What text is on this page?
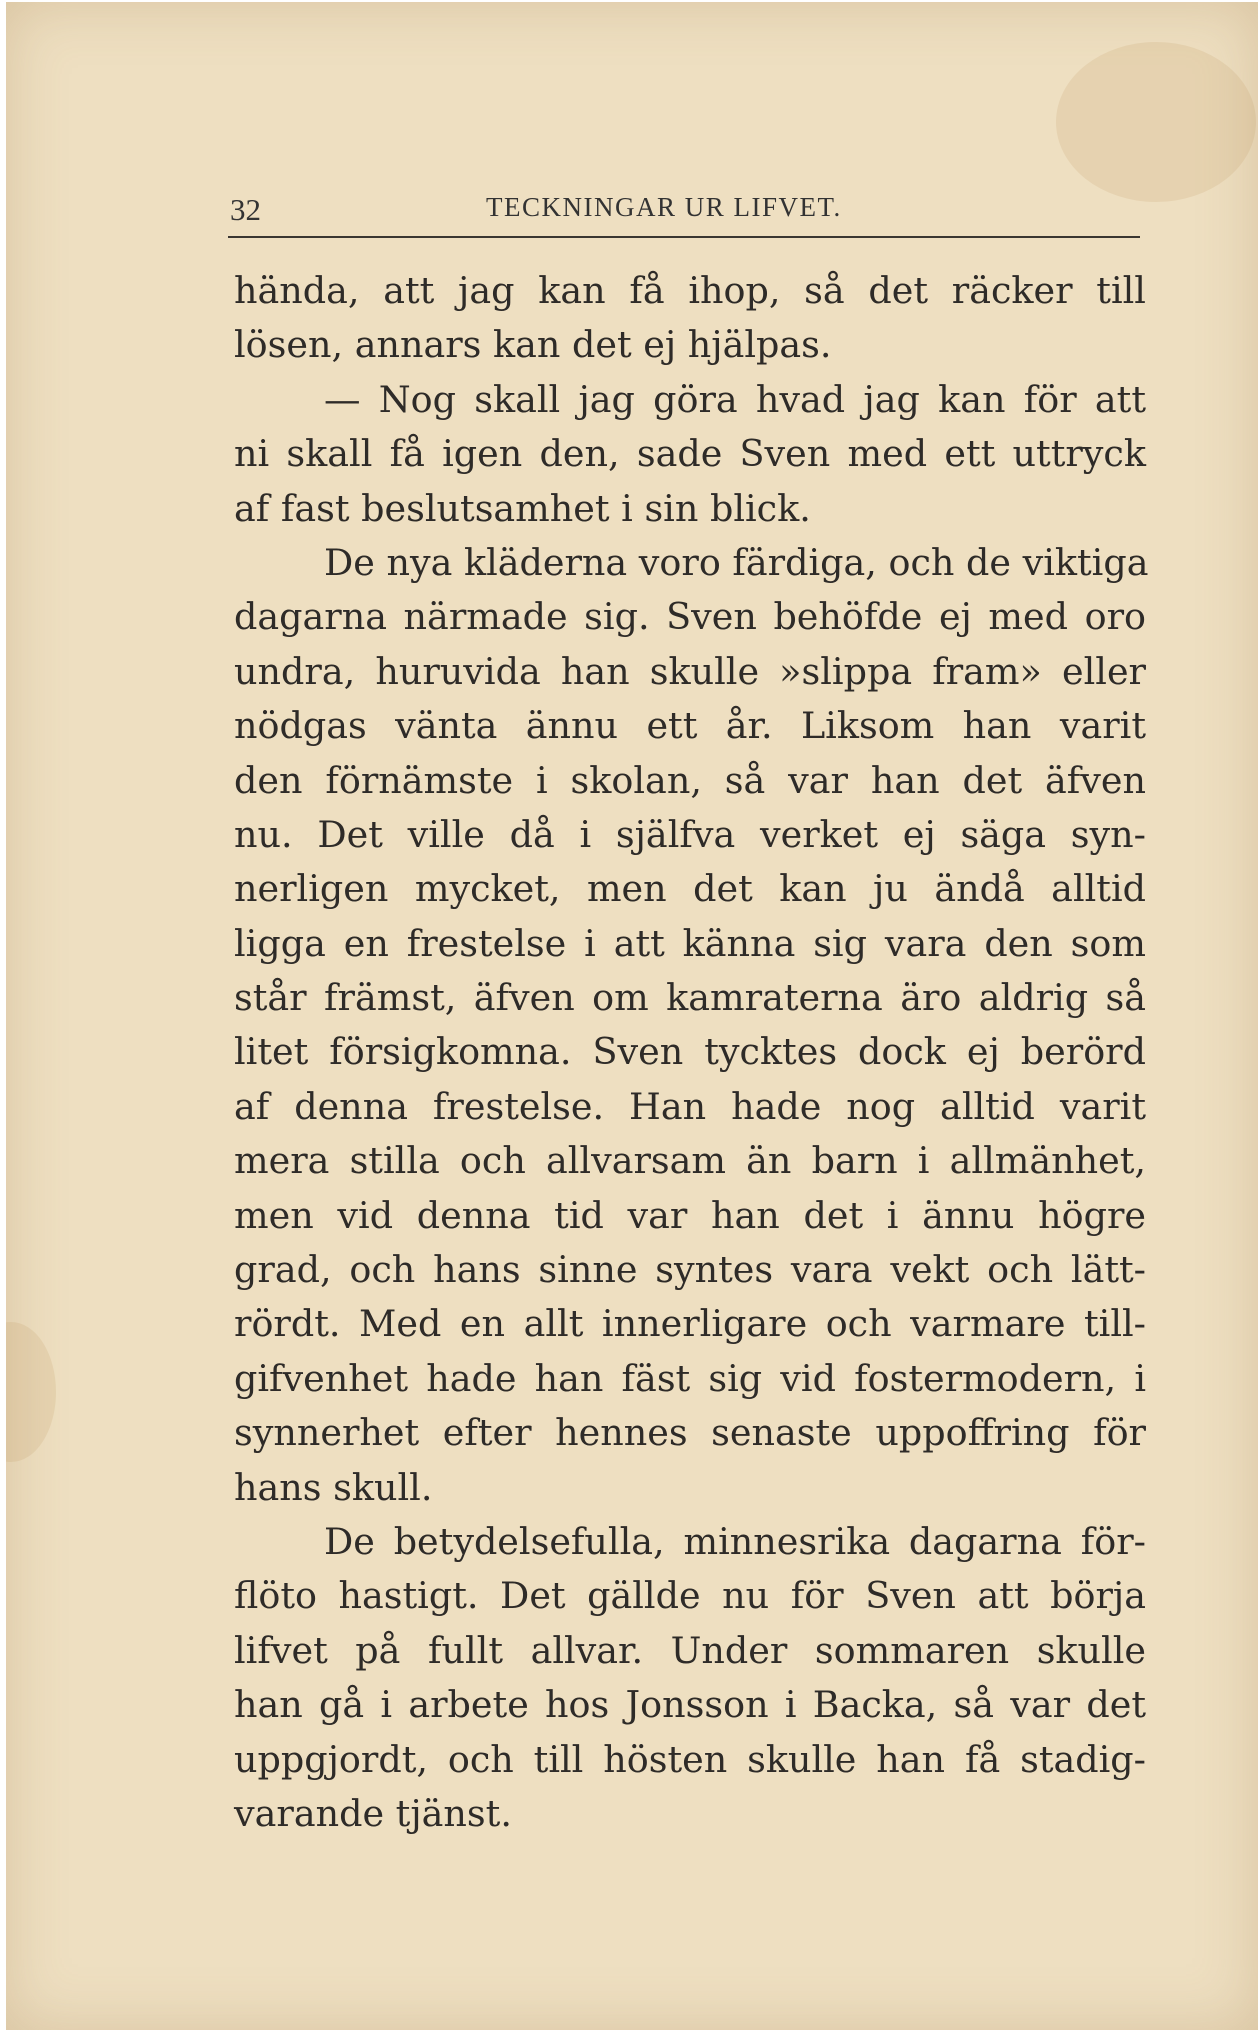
32	TECKNINGAR UR LIFVET.
hända, att jag kan få ihop, så det räcker till
lösen, annars kan det ej hjälpas.
— Nog skall jag göra hvad jag kan för att
ni skall få igen den, sade Sven med ett uttryck
af fast beslutsamhet i sin blick.
De nya kläderna voro färdiga, och de viktiga
dagarna närmade sig. Sven behöfde ej med oro
undra, huruvida han skulle »slippa fram» eller
nödgas vänta ännu ett år. Liksom han varit
den förnämste i skolan, så var han det äfven
nu. Det ville då i själfva verket ej säga syn-
nerligen mycket, men det kan ju ändå alltid
ligga en frestelse i att känna sig vara den som
står främst, äfven om kamraterna äro aldrig så
litet försigkomna. Sven tycktes dock ej berörd
af denna frestelse. Han hade nog alltid varit
mera stilla och allvarsam än barn i allmänhet,
men vid denna tid var han det i ännu högre
grad, och hans sinne syntes vara vekt och lätt-
rördt. Med en allt innerligare och varmare till-
gifvenhet hade han fäst sig vid fostermodern, i
synnerhet efter hennes senaste uppoffring för
hans skull.
De betydelsefulla, minnesrika dagarna för-
flöto hastigt. Det gällde nu för Sven att börja
lifvet på fullt allvar. Under sommaren skulle
han gå i arbete hos Jonsson i Backa, så var det
uppgjordt, och till hösten skulle han få stadig-
varande tjänst.
